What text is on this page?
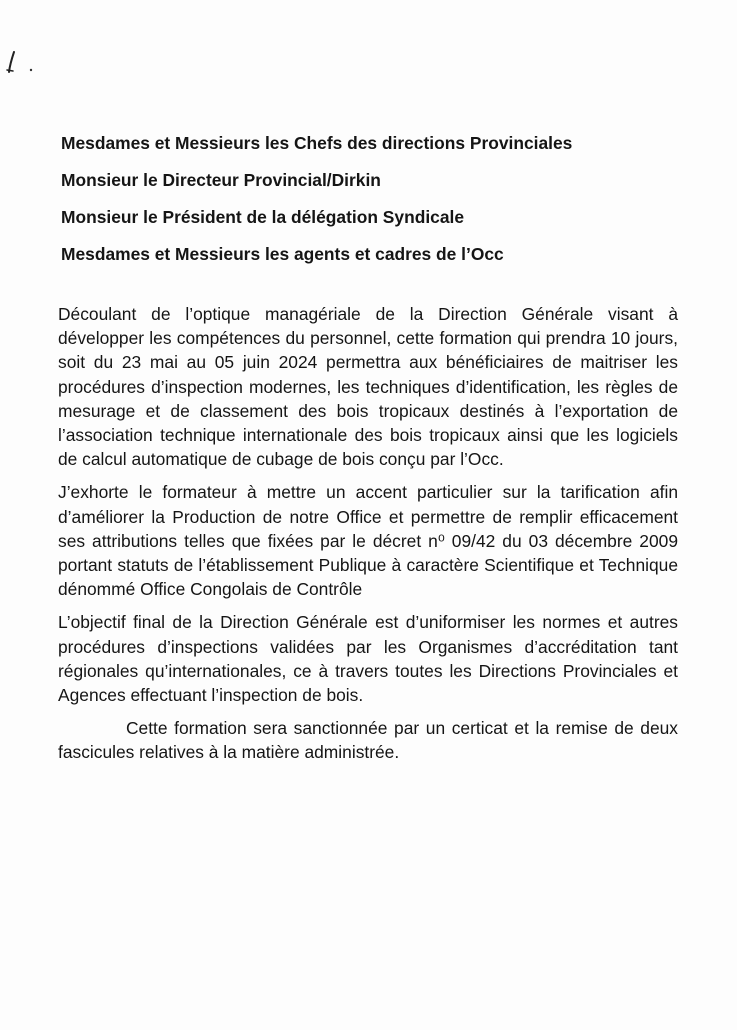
Mesdames et Messieurs les Chefs des directions Provinciales
Monsieur le Directeur Provincial/Dirkin
Monsieur le Président de la délégation Syndicale
Mesdames et Messieurs les agents et cadres de l’Occ

Découlant de l’optique managériale de la Direction Générale visant à développer les compétences du personnel, cette formation qui prendra 10 jours, soit du 23 mai au 05 juin 2024 permettra aux bénéficiaires de maitriser les procédures d’inspection modernes, les techniques d’identification, les règles de mesurage et de classement des bois tropicaux destinés à l’exportation de l’association technique internationale des bois tropicaux ainsi que les logiciels de calcul automatique de cubage de bois conçu par l’Occ.

J’exhorte le formateur à mettre un accent particulier sur la tarification afin d’améliorer la Production de notre Office et permettre de remplir efficacement ses attributions telles que fixées par le décret n⁰ 09/42 du 03 décembre 2009 portant statuts de l’établissement Publique à caractère Scientifique et Technique dénommé Office Congolais de Contrôle

L’objectif final de la Direction Générale est d’uniformiser les normes et autres procédures d’inspections validées par les Organismes d’accréditation tant régionales qu’internationales, ce à travers toutes les Directions Provinciales et Agences effectuant l’inspection de bois.

Cette formation sera sanctionnée par un certicat et la remise de deux fascicules relatives à la matière administrée.
